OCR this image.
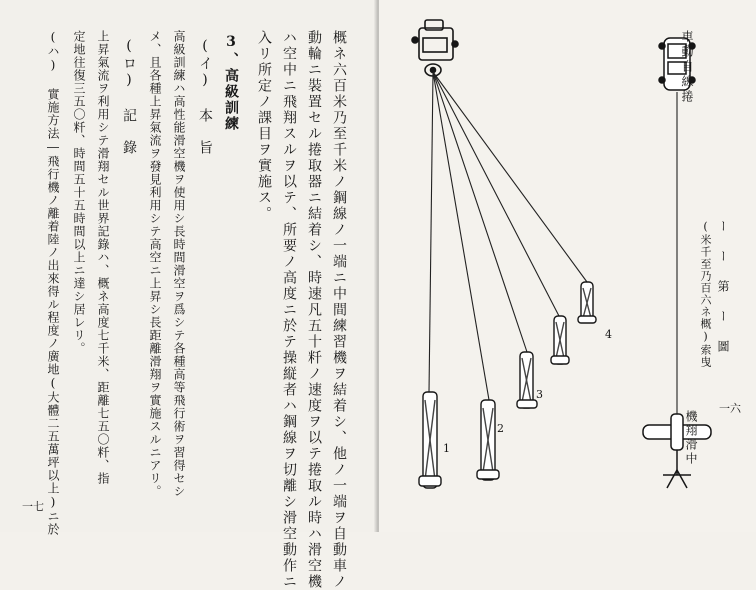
概ネ六百米乃至千米ノ鋼線ノ一端ニ中間練習機ヲ結着シ、他ノ一端ヲ自動車ノ
動輪ニ裝置セル捲取器ニ結着シ、時速凡五十粁ノ速度ヲ以テ捲取ル時ハ滑空機
ハ空中ニ飛翔スルヲ以テ、所要ノ高度ニ於テ操縦者ハ鋼線ヲ切離シ滑空動作ニ
入リ所定ノ課目ヲ實施ス。
3、高級訓練
(イ) 本　旨
高級訓練ハ高性能滑空機ヲ使用シ長時間滑空ヲ爲シテ各種高等飛行術ヲ習得セシ
メ、且各種上昇氣流ヲ發見利用シテ高空ニ上昇シ長距離滑翔ヲ實施スルニアリ。
(ロ) 記　錄
上昇氣流ヲ利用シテ滑翔セル世界記錄ハ、概ネ高度七千米、距離七五〇粁、指
定地往復三五〇粁、時間五十五時間以上ニ達シ居レリ。
(ハ) 實施方法―飛行機ノ離着陸ノ出來得ル程度ノ廣地(大體二五萬坪以上)ニ於
一七
1
2
3
4
車動自線捲
機翔滑中
ー ー 第 ー 圖
(米千至乃百六ネ概)索曳
一六
